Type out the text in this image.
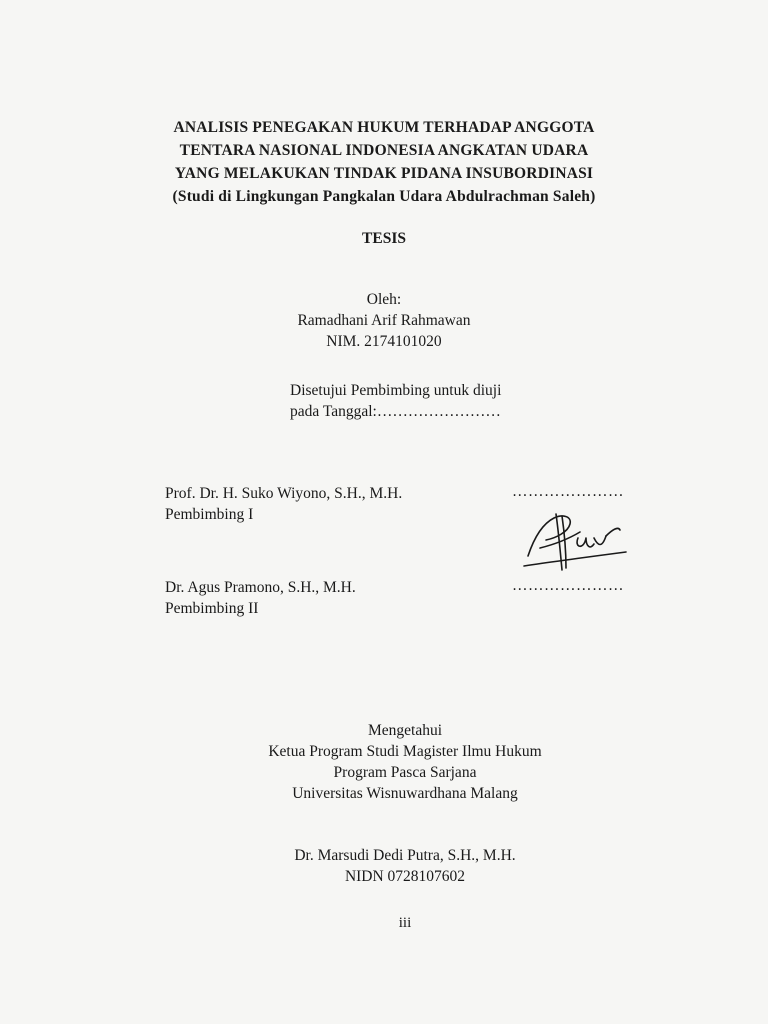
ANALISIS PENEGAKAN HUKUM TERHADAP ANGGOTA
TENTARA NASIONAL INDONESIA ANGKATAN UDARA
YANG MELAKUKAN TINDAK PIDANA INSUBORDINASI
(Studi di Lingkungan Pangkalan Udara Abdulrachman Saleh)
TESIS
Oleh:
Ramadhani Arif Rahmawan
NIM. 2174101020
Disetujui Pembimbing untuk diuji
pada Tanggal:……………………
Prof. Dr. H. Suko Wiyono, S.H., M.H.
Pembimbing I
…………………
Dr. Agus Pramono, S.H., M.H.
Pembimbing II
…………………
Mengetahui
Ketua Program Studi Magister Ilmu Hukum
Program Pasca Sarjana
Universitas Wisnuwardhana Malang
Dr. Marsudi Dedi Putra, S.H., M.H.
NIDN 0728107602
iii
